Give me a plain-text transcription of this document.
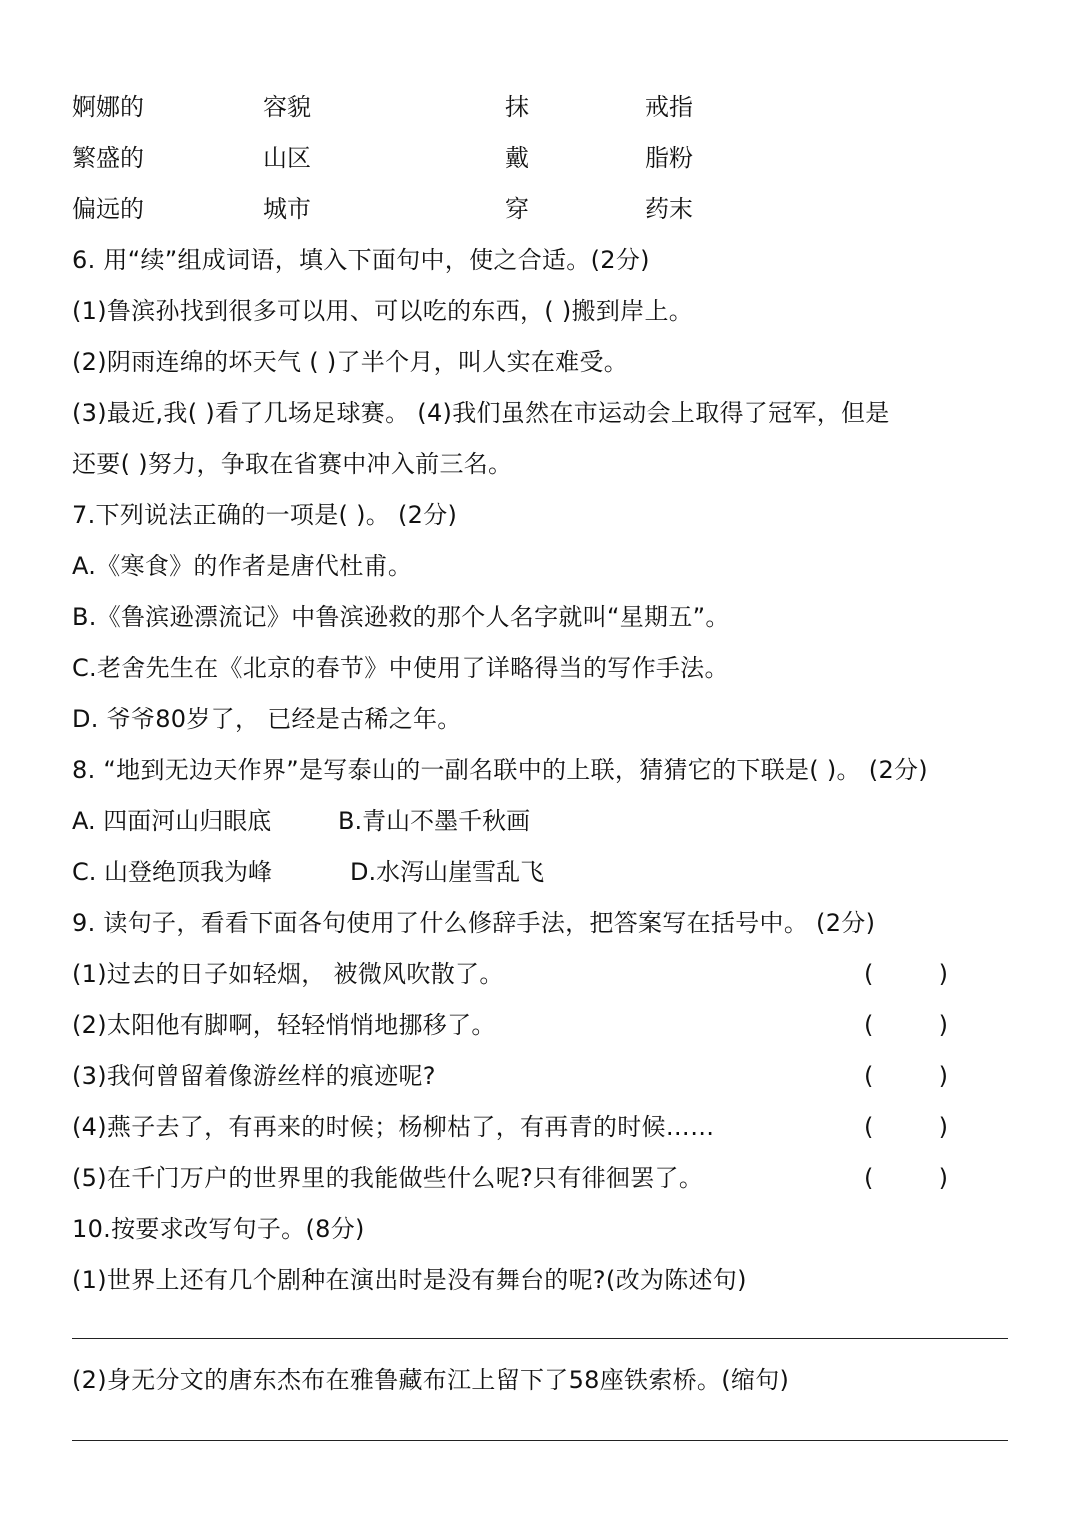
婀娜的	容貌	抹	戒指
繁盛的	山区	戴	脂粉
偏远的	城市	穿	药末
6. 用“续”组成词语，填入下面句中，使之合适。(2分)
(1)鲁滨孙找到很多可以用、可以吃的东西，( )搬到岸上。
(2)阴雨连绵的坏天气 ( )了半个月，叫人实在难受。
(3)最近,我( )看了几场足球赛。 (4)我们虽然在市运动会上取得了冠军，但是
还要( )努力，争取在省赛中冲入前三名。
7.下列说法正确的一项是( )。 (2分)
A.《寒食》的作者是唐代杜甫。
B.《鲁滨逊漂流记》中鲁滨逊救的那个人名字就叫“星期五”。
C.老舍先生在《北京的春节》中使用了详略得当的写作手法。
D. 爷爷80岁了， 已经是古稀之年。
8. “地到无边天作界”是写泰山的一副名联中的上联，猜猜它的下联是( )。 (2分)
A. 四面河山归眼底	B.青山不墨千秋画
C. 山登绝顶我为峰	D.水泻山崖雪乱飞
9. 读句子，看看下面各句使用了什么修辞手法，把答案写在括号中。 (2分)
(1)过去的日子如轻烟， 被微风吹散了。	(	)
(2)太阳他有脚啊，轻轻悄悄地挪移了。	(	)
(3)我何曾留着像游丝样的痕迹呢?	(	)
(4)燕子去了，有再来的时候；杨柳枯了，有再青的时候……	(	)
(5)在千门万户的世界里的我能做些什么呢?只有徘徊罢了。	(	)
10.按要求改写句子。(8分)
(1)世界上还有几个剧种在演出时是没有舞台的呢?(改为陈述句)
(2)身无分文的唐东杰布在雅鲁藏布江上留下了58座铁索桥。(缩句)
